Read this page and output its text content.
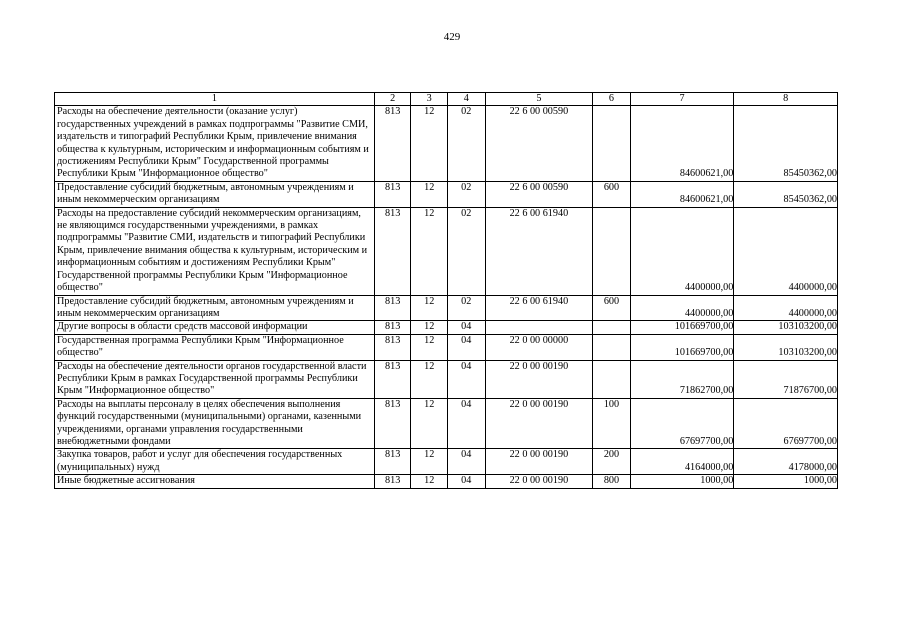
429
1	2	3	4	5	6	7	8
Расходы на обеспечение деятельности (оказание услуг) государственных учреждений в рамках подпрограммы "Развитие СМИ, издательств и типографий Республики Крым, привлечение внимания общества к культурным, историческим и информационным событиям и достижениям Республики Крым" Государственной программы Республики Крым "Информационное общество"	813	12	02	22 6 00 00590		84600621,00	85450362,00
Предоставление субсидий бюджетным, автономным учреждениям и иным некоммерческим организациям	813	12	02	22 6 00 00590	600	84600621,00	85450362,00
Расходы на предоставление субсидий некоммерческим организациям, не являющимся государственными учреждениями, в рамках подпрограммы "Развитие СМИ, издательств и типографий Республики Крым, привлечение внимания общества к культурным, историческим и информационным событиям и достижениям Республики Крым" Государственной программы Республики Крым "Информационное общество"	813	12	02	22 6 00 61940		4400000,00	4400000,00
Предоставление субсидий бюджетным, автономным учреждениям и иным некоммерческим организациям	813	12	02	22 6 00 61940	600	4400000,00	4400000,00
Другие вопросы в области средств массовой информации	813	12	04			101669700,00	103103200,00
Государственная программа Республики Крым "Информационное общество"	813	12	04	22 0 00 00000		101669700,00	103103200,00
Расходы на обеспечение деятельности органов государственной власти Республики Крым в рамках Государственной программы Республики Крым "Информационное общество"	813	12	04	22 0 00 00190		71862700,00	71876700,00
Расходы на выплаты персоналу в целях обеспечения выполнения функций государственными (муниципальными) органами, казенными учреждениями, органами управления государственными внебюджетными фондами	813	12	04	22 0 00 00190	100	67697700,00	67697700,00
Закупка товаров, работ и услуг для обеспечения государственных (муниципальных) нужд	813	12	04	22 0 00 00190	200	4164000,00	4178000,00
Иные бюджетные ассигнования	813	12	04	22 0 00 00190	800	1000,00	1000,00
